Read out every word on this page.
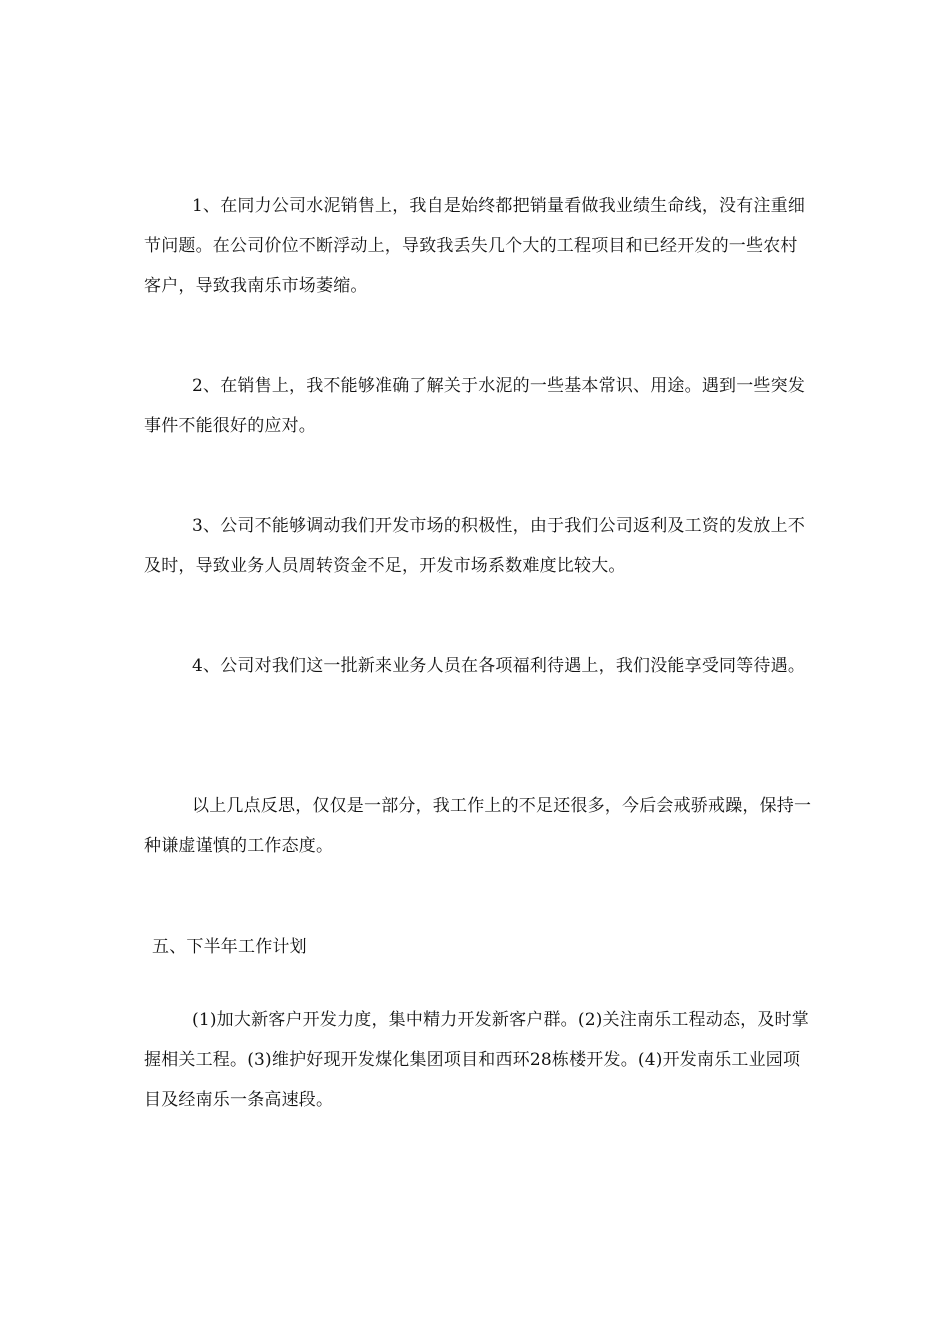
1、在同力公司水泥销售上，我自是始终都把销量看做我业绩生命线，没有注重细节问题。在公司价位不断浮动上，导致我丢失几个大的工程项目和已经开发的一些农村客户，导致我南乐市场萎缩。

2、在销售上，我不能够准确了解关于水泥的一些基本常识、用途。遇到一些突发事件不能很好的应对。

3、公司不能够调动我们开发市场的积极性，由于我们公司返利及工资的发放上不及时，导致业务人员周转资金不足，开发市场系数难度比较大。

4、公司对我们这一批新来业务人员在各项福利待遇上，我们没能享受同等待遇。

以上几点反思，仅仅是一部分，我工作上的不足还很多，今后会戒骄戒躁，保持一种谦虚谨慎的工作态度。

五、下半年工作计划

(1)加大新客户开发力度，集中精力开发新客户群。(2)关注南乐工程动态，及时掌握相关工程。(3)维护好现开发煤化集团项目和西环28栋楼开发。(4)开发南乐工业园项目及经南乐一条高速段。
